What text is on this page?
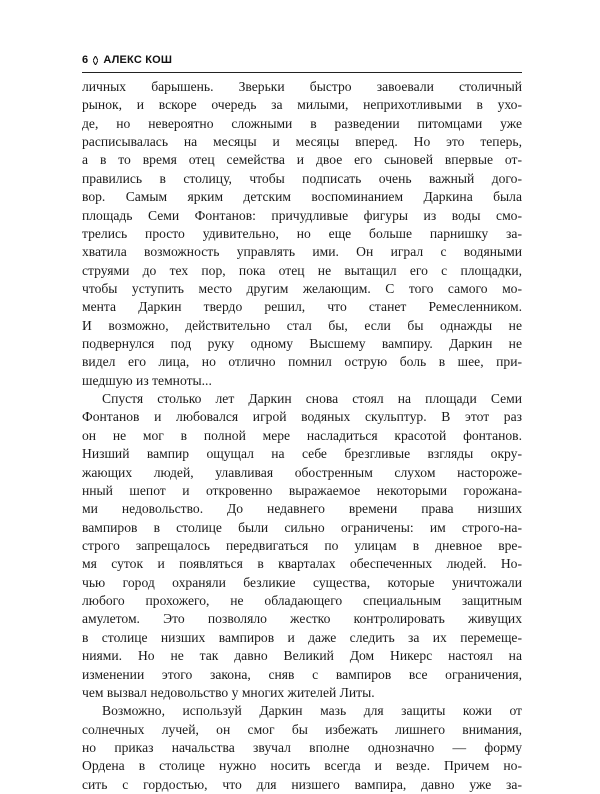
6 АЛЕКС КОШ
личных барышень. Зверьки быстро завоевали столичный
рынок, и вскоре очередь за милыми, неприхотливыми в ухо-
де, но невероятно сложными в разведении питомцами уже
расписывалась на месяцы и месяцы вперед. Но это теперь,
а в то время отец семейства и двое его сыновей впервые от-
правились в столицу, чтобы подписать очень важный дого-
вор. Самым ярким детским воспоминанием Даркина была
площадь Семи Фонтанов: причудливые фигуры из воды смо-
трелись просто удивительно, но еще больше парнишку за-
хватила возможность управлять ими. Он играл с водяными
струями до тех пор, пока отец не вытащил его с площадки,
чтобы уступить место другим желающим. С того самого мо-
мента Даркин твердо решил, что станет Ремесленником.
И возможно, действительно стал бы, если бы однажды не
подвернулся под руку одному Высшему вампиру. Даркин не
видел его лица, но отлично помнил острую боль в шее, при-
шедшую из темноты...
Спустя столько лет Даркин снова стоял на площади Семи
Фонтанов и любовался игрой водяных скульптур. В этот раз
он не мог в полной мере насладиться красотой фонтанов.
Низший вампир ощущал на себе брезгливые взгляды окру-
жающих людей, улавливая обостренным слухом настороже-
нный шепот и откровенно выражаемое некоторыми горожана-
ми недовольство. До недавнего времени права низших
вампиров в столице были сильно ограничены: им строго-на-
строго запрещалось передвигаться по улицам в дневное вре-
мя суток и появляться в кварталах обеспеченных людей. Но-
чью город охраняли безликие существа, которые уничтожали
любого прохожего, не обладающего специальным защитным
амулетом. Это позволяло жестко контролировать живущих
в столице низших вампиров и даже следить за их перемеще-
ниями. Но не так давно Великий Дом Никерс настоял на
изменении этого закона, сняв с вампиров все ограничения,
чем вызвал недовольство у многих жителей Литы.
Возможно, используй Даркин мазь для защиты кожи от
солнечных лучей, он смог бы избежать лишнего внимания,
но приказ начальства звучал вполне однозначно — форму
Ордена в столице нужно носить всегда и везде. Причем но-
сить с гордостью, что для низшего вампира, давно уже за-
